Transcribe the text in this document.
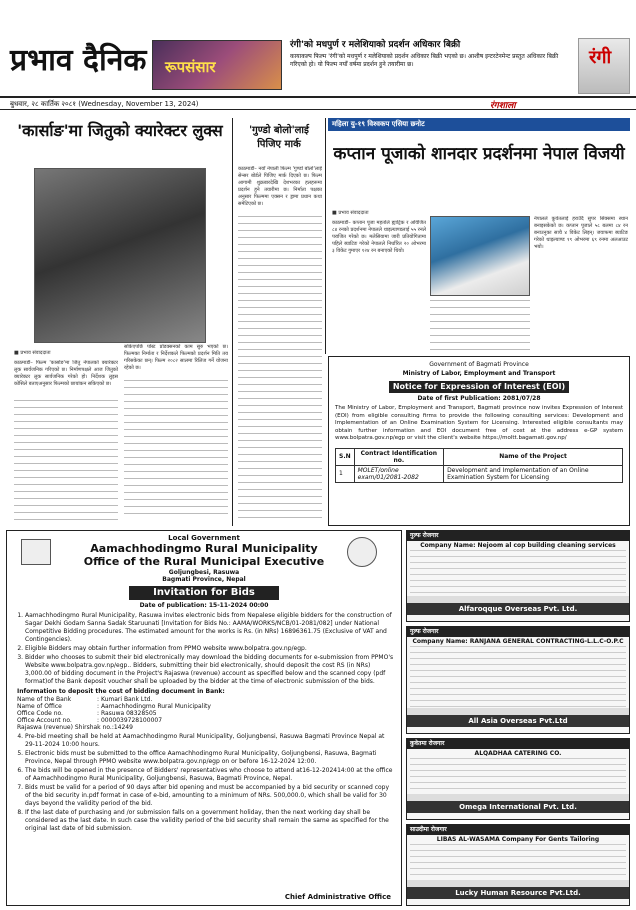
प्रभाव दैनिक रूपसंसार
रंगी'को मधपुर्ण र मलेशियाको प्रदर्शन अधिकार बिक्री
कायाकल्प फिल्म 'रंगी'को मधपुर्ण र मलेशियाको प्रदर्शन अधिकार बिक्री भएको छ। आशीष इन्टरटेनमेन्ट प्रस्तुत अधिकार बिक्री गरिएको हो। यो फिल्म नयाँ वर्षमा प्रदर्शन हुने तयारीमा छ।	रंगी
बुधवार, २८ कार्तिक २०८१ (Wednesday, November 13, 2024)	रंगशाला
'कार्साङ'मा जितुको क्यारेक्टर लुक्स
■ प्रभाव संवाददाता
काठमाडौं– फिल्म 'कार्साङ'मा जितु नेपालको क्यारेक्टर लुक सार्वजनिक गरिएको छ। निर्माणपक्षले आज जितुको क्यारेक्टर लुक सार्वजनिक गरेको हो। निर्देशक लुइस कोसिले बताएअनुसार फिल्मको छायांकन सकिएको छ।
सकिएपछि पोस्ट प्रोडक्सनको काम सुरु भएको छ। फिल्मका निर्माता र निर्देशकले फिल्मको प्रदर्शन मिति तय गरिसकेका छन्। फिल्म २०८२ सालमा रिलिज गर्ने योजना रहेको छ।
'गुण्डो बोलो'लाई पिजिए मार्क
काठमाडौं– नयाँ नेपाली फिल्म 'गुण्डो बोलो'लाई सेन्सर बोर्डले पिजिए मार्क दिएको छ। फिल्म आगामी शुक्रबारदेखि देशभरका हलहरूमा प्रदर्शन हुने तयारीमा छ। निर्माता पक्षका अनुसार फिल्ममा एक्सन र ड्रामा प्रधान कथा समेटिएको छ।
महिला यु-१९ विश्वकप एसिया छनोट
कप्तान पूजाको शानदार प्रदर्शनमा नेपाल विजयी
■ प्रभाव संवाददाता
काठमाडौं– कप्तान पूजा महतोले ह्याट्रिक र अविजित ८४ रनको प्रदर्शनमा नेपालले थाइल्याण्डलाई ५५ रनले पराजित गरेको छ। मलेसियामा जारी प्रतियोगितामा पहिले ब्याटिङ गरेको नेपालले निर्धारित २० ओभरमा ३ विकेट गुमाएर १२४ रन बनाएको थियो।
नेपालले कुवेतलाई हराउँदै सुपर सिक्समा स्थान बनाइसकेको छ। कप्तान पूजाले ५८ बलमा ८४ रन बनाउनुका साथै ४ विकेट लिइन्। जवाफमा ब्याटिङ गरेको थाइल्याण्ड १९ ओभरमा ६९ रनमा अलआउट भयो।
Government of Bagmati Province
Ministry of Labor, Employment and Transport
Notice for Expression of Interest (EOI)
Date of first Publication: 2081/07/28
The Ministry of Labor, Employment and Transport, Bagmati province now invites Expression of Interest (EOI) from eligible consulting firms to provide the following consulting services: Development and Implementation of an Online Examination System for Licensing. Interested eligible consultants may obtain further information and EOI document free of cost at the address e-GP system www.bolpatra.gov.np/egp or visit the client's website https://moltt.bagamati.gov.np/
S.N	Contract Identification no.	Name of the Project
1	MOLET/online exam/01/2081-2082	Development and Implementation of an Online Examination System for Licensing
Local Government
Aamachhodingmo Rural Municipality
Office of the Rural Municipal Executive
Goljungbesi, Rasuwa
Bagmati Province, Nepal
Invitation for Bids
Date of publication: 15-11-2024 00:00
1. Aamachhodingmo Rural Municipality, Rasuwa invites electronic bids from Nepalese eligible bidders for the construction of Sagar Dekhi Godam Sanna Sadak Staruunati [Invitation for Bids No.: AAMA/WORKS/NCB/01-2081/082] under National Competitive Bidding procedures. The estimated amount for the works is Rs. (in NRs) 16896361.75 (Exclusive of VAT and Contingencies).
2. Eligible Bidders may obtain further information from PPMO website www.bolpatra.gov.np/egp.
3. Bidder who chooses to submit their bid electronically may download the bidding documents for e-submission from PPMO's Website www.bolpatra.gov.np/egp.. Bidders, submitting their bid electronically, should deposit the cost RS (in NRs) 3,000.00 of bidding document in the Project's Rajaswa (revenue) account as specified below and the scanned copy (pdf format)of the Bank deposit voucher shall be uploaded by the bidder at the time of electronic submission of the bids.
Information to deposit the cost of bidding document in Bank:
Name of the Bank	: Kumari Bank Ltd.
Name of Office	: Aamachhodingmo Rural Municipality
Office Code no.	: Rasuwa 08328505
Office Account no.	: 0000039728100007
Rajaswa (revenue) Shirshak no.:14249
4. Pre-bid meeting shall be held at Aamachhodingmo Rural Municipality, Goljungbensi, Rasuwa Bagmati Province Nepal at 29-11-2024 10:00 hours.
5. Electronic bids must be submitted to the office Aamachhodingmo Rural Municipality, Goljungbensi, Rasuwa, Bagmati Province, Nepal through PPMO website www.bolpatra.gov.np/egp on or before 16-12-2024 12:00.
6. The bids will be opened in the presence of Bidders' representatives who choose to attend at16-12-202414:00 at the office of Aamachhodingmo Rural Municipality, Goljungbensi, Rasuwa, Bagmati Province, Nepal.
7. Bids must be valid for a period of 90 days after bid opening and must be accompanied by a bid security or scanned copy of the bid security in.pdf format in case of e-bid, amounting to a minimum of NRs. 500,000.0, which shall be valid for 30 days beyond the validity period of the bid.
8. If the last date of purchasing and /or submission falls on a government holiday, then the next working day shall be considered as the last date. In such case the validity period of the bid security shall remain the same as specified for the original last date of bid submission.
Chief Administrative Office
गुल्फ रोजगार
Company Name: Nejoom al cop building cleaning services
Alfaroqque Overseas Pvt. Ltd.
गुल्फ रोजगार
Company Name: RANJANA GENERAL CONTRACTING-L.L.C-O.P.C
All Asia Overseas Pvt.Ltd
कुवेतमा रोजगार
ALQADHAA CATERING CO.
Omega International Pvt. Ltd.
साउदीमा रोजगार
LIBAS AL-WASAMA Company For Gents Tailoring
Lucky Human Resource Pvt.Ltd.
